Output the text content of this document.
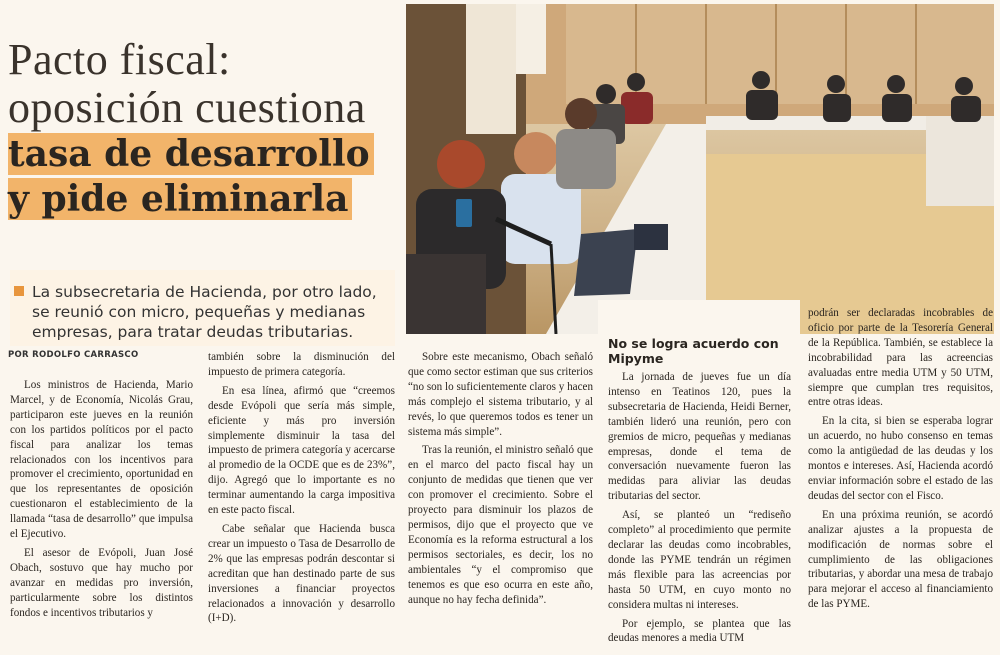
Pacto fiscal:
oposición cuestiona
tasa de desarrollo
y pide eliminarla
La subsecretaria de Hacienda, por otro lado, se reunió con micro, pequeñas y medianas empresas, para tratar deudas tributarias.
POR RODOLFO CARRASCO

Los ministros de Hacienda, Mario Marcel, y de Economía, Nicolás Grau, participaron este jueves en la reunión con los partidos políticos por el pacto fiscal para analizar los temas relacionados con los incentivos para promover el crecimiento, oportunidad en que los representantes de oposición cuestionaron el establecimiento de la llamada “tasa de desarrollo” que impulsa el Ejecutivo.

El asesor de Evópoli, Juan José Obach, sostuvo que hay mucho por avanzar en medidas pro inversión, particularmente sobre los distintos fondos e incentivos tributarios y

también sobre la disminución del impuesto de primera categoría.

En esa línea, afirmó que “creemos desde Evópoli que sería más simple, eficiente y más pro inversión simplemente disminuir la tasa del impuesto de primera categoría y acercarse al promedio de la OCDE que es de 23%”, dijo. Agregó que lo importante es no terminar aumentando la carga impositiva en este pacto fiscal.

Cabe señalar que Hacienda busca crear un impuesto o Tasa de Desarrollo de 2% que las empresas podrán descontar si acreditan que han destinado parte de sus inversiones a financiar proyectos relacionados a innovación y desarrollo (I+D).

Sobre este mecanismo, Obach señaló que como sector estiman que sus criterios “no son lo suficientemente claros y hacen más complejo el sistema tributario, y al revés, lo que queremos todos es tener un sistema más simple”.

Tras la reunión, el ministro señaló que en el marco del pacto fiscal hay un conjunto de medidas que tienen que ver con promover el crecimiento. Sobre el proyecto para disminuir los plazos de permisos, dijo que el proyecto que ve Economía es la reforma estructural a los permisos sectoriales, es decir, los no ambientales “y el compromiso que tenemos es que eso ocurra en este año, aunque no hay fecha definida”.

No se logra acuerdo con Mipyme

La jornada de jueves fue un día intenso en Teatinos 120, pues la subsecretaria de Hacienda, Heidi Berner, también lideró una reunión, pero con gremios de micro, pequeñas y medianas empresas, donde el tema de conversación nuevamente fueron las medidas para aliviar las deudas tributarias del sector.

Así, se planteó un “rediseño completo” al procedimiento que permite declarar las deudas como incobrables, donde las PYME tendrán un régimen más flexible para las acreencias por hasta 50 UTM, en cuyo monto no considera multas ni intereses.

Por ejemplo, se plantea que las deudas menores a media UTM

podrán ser declaradas incobrables de oficio por parte de la Tesorería General de la República. También, se establece la incobrabilidad para las acreencias avaluadas entre media UTM y 50 UTM, siempre que cumplan tres requisitos, entre otras ideas.

En la cita, si bien se esperaba lograr un acuerdo, no hubo consenso en temas como la antigüedad de las deudas y los montos e intereses. Así, Hacienda acordó enviar información sobre el estado de las deudas del sector con el Fisco.

En una próxima reunión, se acordó analizar ajustes a la propuesta de modificación de normas sobre el cumplimiento de las obligaciones tributarias, y abordar una mesa de trabajo para mejorar el acceso al financiamiento de las PYME.
